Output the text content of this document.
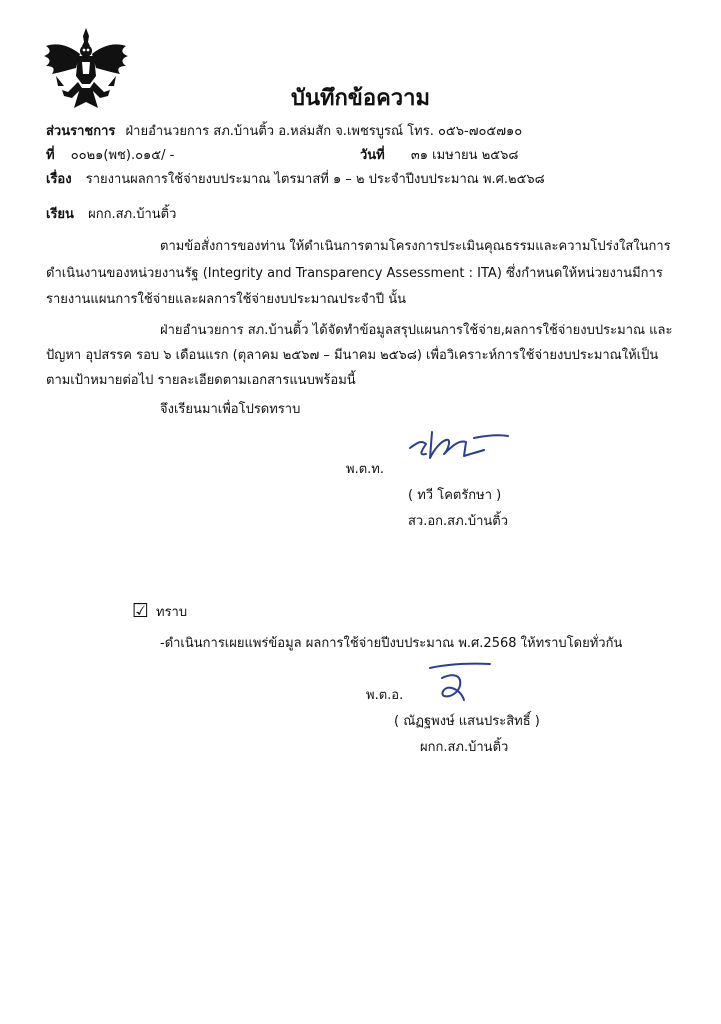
บันทึกข้อความ
ส่วนราชการ ฝ่ายอำนวยการ สภ.บ้านติ้ว อ.หล่มสัก จ.เพชรบูรณ์ โทร. ๐๕๖-๗๐๕๗๑๐
ที่ ๐๐๒๑(พช).๐๑๕/ -	วันที่ ๓๑ เมษายน ๒๕๖๘
เรื่อง รายงานผลการใช้จ่ายงบประมาณ ไตรมาสที่ ๑ – ๒ ประจำปีงบประมาณ พ.ศ.๒๕๖๘
เรียน ผกก.สภ.บ้านติ้ว
ตามข้อสั่งการของท่าน ให้ดำเนินการตามโครงการประเมินคุณธรรมและความโปร่งใสในการ
ดำเนินงานของหน่วยงานรัฐ (Integrity and Transparency Assessment : ITA) ซึ่งกำหนดให้หน่วยงานมีการ
รายงานแผนการใช้จ่ายและผลการใช้จ่ายงบประมาณประจำปี นั้น
ฝ่ายอำนวยการ สภ.บ้านติ้ว ได้จัดทำข้อมูลสรุปแผนการใช้จ่าย,ผลการใช้จ่ายงบประมาณ และ
ปัญหา อุปสรรค รอบ ๖ เดือนแรก (ตุลาคม ๒๕๖๗ – มีนาคม ๒๕๖๘) เพื่อวิเคราะห์การใช้จ่ายงบประมาณให้เป็น
ตามเป้าหมายต่อไป รายละเอียดตามเอกสารแนบพร้อมนี้
จึงเรียนมาเพื่อโปรดทราบ
พ.ต.ท.
( ทวี โคตรักษา )
สว.อก.สภ.บ้านติ้ว
☑ ทราบ
-ดำเนินการเผยแพร่ข้อมูล ผลการใช้จ่ายปีงบประมาณ พ.ศ.2568 ให้ทราบโดยทั่วกัน
พ.ต.อ.
( ณัฏฐพงษ์ แสนประสิทธิ์ )
ผกก.สภ.บ้านติ้ว
